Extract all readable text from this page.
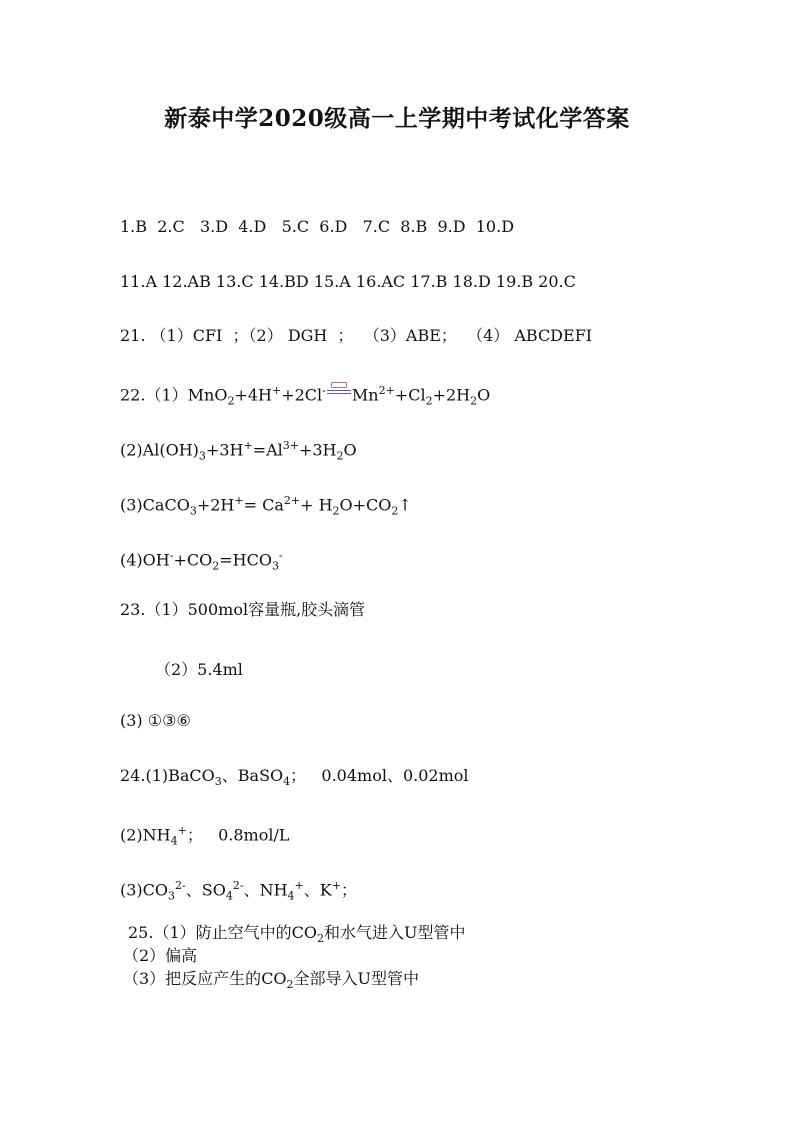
新泰中学2020级高一上学期中考试化学答案
1.B  2.C   3.D  4.D   5.C  6.D   7.C  8.B  9.D  10.D
11.A 12.AB 13.C 14.BD 15.A 16.AC 17.B 18.D 19.B 20.C
21. （1）CFI  ；（2） DGH  ；  （3）ABE；  （4） ABCDEFI
22.（1）MnO$_2$+4H++2Cl- $Mn^{2+}+Cl_2+2H_2O$
$(2)Al(OH)_3+3H^+=Al^{3+}+3H_2O$
(3)CaCO$_3$+2H+= $Ca^{2+}+$ $H_2O+CO_2↑$
$(4)OH^-+CO_2=HCO_3^-$
23.（1）500mol容量瓶,胶头滴管
（2）5.4ml
(3) ①③⑥
24.(1)BaCO$_3$、BaSO$_4$；   0.04mol、0.02mol
$(2)NH_4^+$；   0.8mol/L
$(3)CO_3^{2-}$、$SO_4^{2-}$、$NH_4^+$、K+；
25.（1）防止空气中的$CO_2$和水气进入U型管中
（2）偏高
（3）把反应产生的$CO_2$全部导入U型管中
